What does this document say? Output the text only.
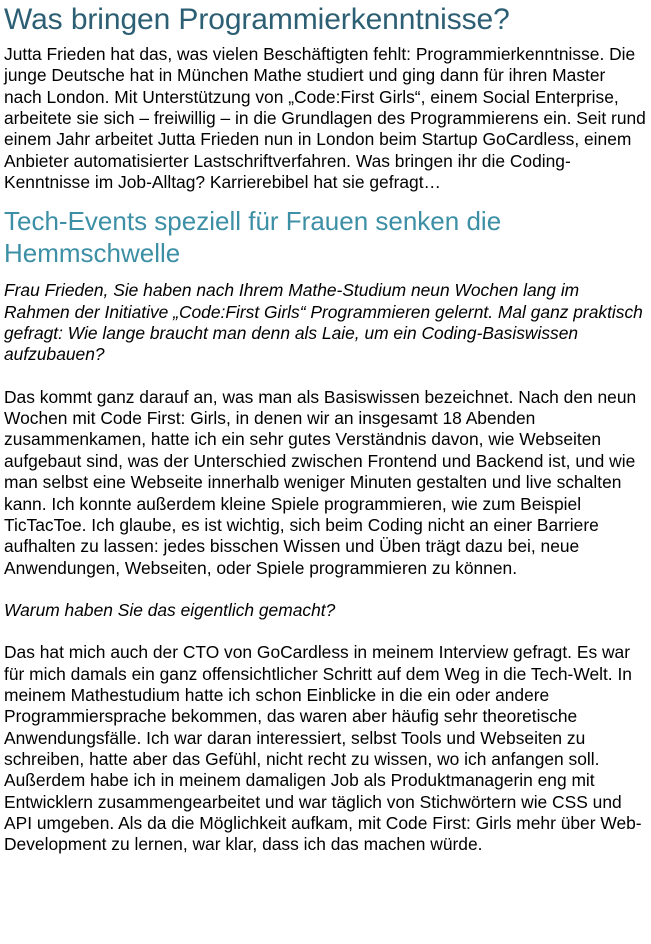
Was bringen Programmierkenntnisse?

Jutta Frieden hat das, was vielen Beschäftigten fehlt: Programmierkenntnisse. Die junge Deutsche hat in München Mathe studiert und ging dann für ihren Master nach London. Mit Unterstützung von „Code:First Girls“, einem Social Enterprise, arbeitete sie sich – freiwillig – in die Grundlagen des Programmierens ein. Seit rund einem Jahr arbeitet Jutta Frieden nun in London beim Startup GoCardless, einem Anbieter automatisierter Lastschriftverfahren. Was bringen ihr die Coding-Kenntnisse im Job-Alltag? Karrierebibel hat sie gefragt…

Tech-Events speziell für Frauen senken die Hemmschwelle

Frau Frieden, Sie haben nach Ihrem Mathe-Studium neun Wochen lang im Rahmen der Initiative „Code:First Girls“ Programmieren gelernt. Mal ganz praktisch gefragt: Wie lange braucht man denn als Laie, um ein Coding-Basiswissen aufzubauen?

Das kommt ganz darauf an, was man als Basiswissen bezeichnet. Nach den neun Wochen mit Code First: Girls, in denen wir an insgesamt 18 Abenden zusammenkamen, hatte ich ein sehr gutes Verständnis davon, wie Webseiten aufgebaut sind, was der Unterschied zwischen Frontend und Backend ist, und wie man selbst eine Webseite innerhalb weniger Minuten gestalten und live schalten kann. Ich konnte außerdem kleine Spiele programmieren, wie zum Beispiel TicTacToe. Ich glaube, es ist wichtig, sich beim Coding nicht an einer Barriere aufhalten zu lassen: jedes bisschen Wissen und Üben trägt dazu bei, neue Anwendungen, Webseiten, oder Spiele programmieren zu können.

Warum haben Sie das eigentlich gemacht?

Das hat mich auch der CTO von GoCardless in meinem Interview gefragt. Es war für mich damals ein ganz offensichtlicher Schritt auf dem Weg in die Tech-Welt. In meinem Mathestudium hatte ich schon Einblicke in die ein oder andere Programmiersprache bekommen, das waren aber häufig sehr theoretische Anwendungsfälle. Ich war daran interessiert, selbst Tools und Webseiten zu schreiben, hatte aber das Gefühl, nicht recht zu wissen, wo ich anfangen soll. Außerdem habe ich in meinem damaligen Job als Produktmanagerin eng mit Entwicklern zusammengearbeitet und war täglich von Stichwörtern wie CSS und API umgeben. Als da die Möglichkeit aufkam, mit Code First: Girls mehr über Web-Development zu lernen, war klar, dass ich das machen würde.
